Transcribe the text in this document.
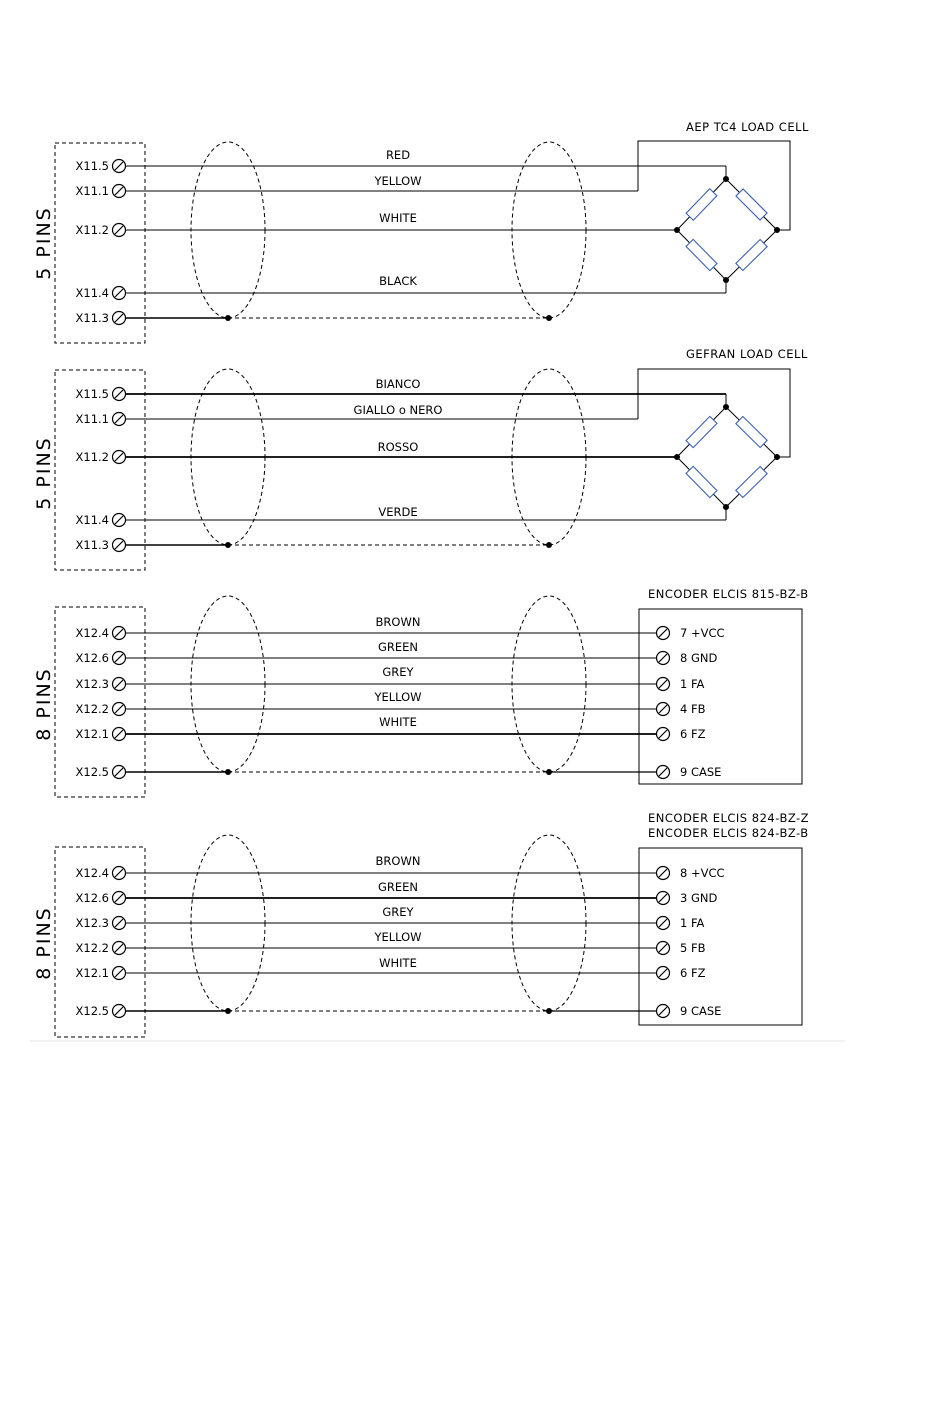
5 PINS
X11.5
RED
X11.1
YELLOW
X11.2
WHITE
X11.4
BLACK
X11.3
AEP TC4 LOAD CELL
5 PINS
X11.5
BIANCO
X11.1
GIALLO o NERO
X11.2
ROSSO
X11.4
VERDE
X11.3
GEFRAN LOAD CELL
8 PINS
X12.4
BROWN
X12.6
GREEN
X12.3
GREY
X12.2
YELLOW
X12.1
WHITE
X12.5
ENCODER ELCIS 815-BZ-B
7 +VCC
8 GND
1 FA
4 FB
6 FZ
9 CASE
8 PINS
X12.4
BROWN
X12.6
GREEN
X12.3
GREY
X12.2
YELLOW
X12.1
WHITE
X12.5
ENCODER ELCIS 824-BZ-Z
ENCODER ELCIS 824-BZ-B
8 +VCC
3 GND
1 FA
5 FB
6 FZ
9 CASE
